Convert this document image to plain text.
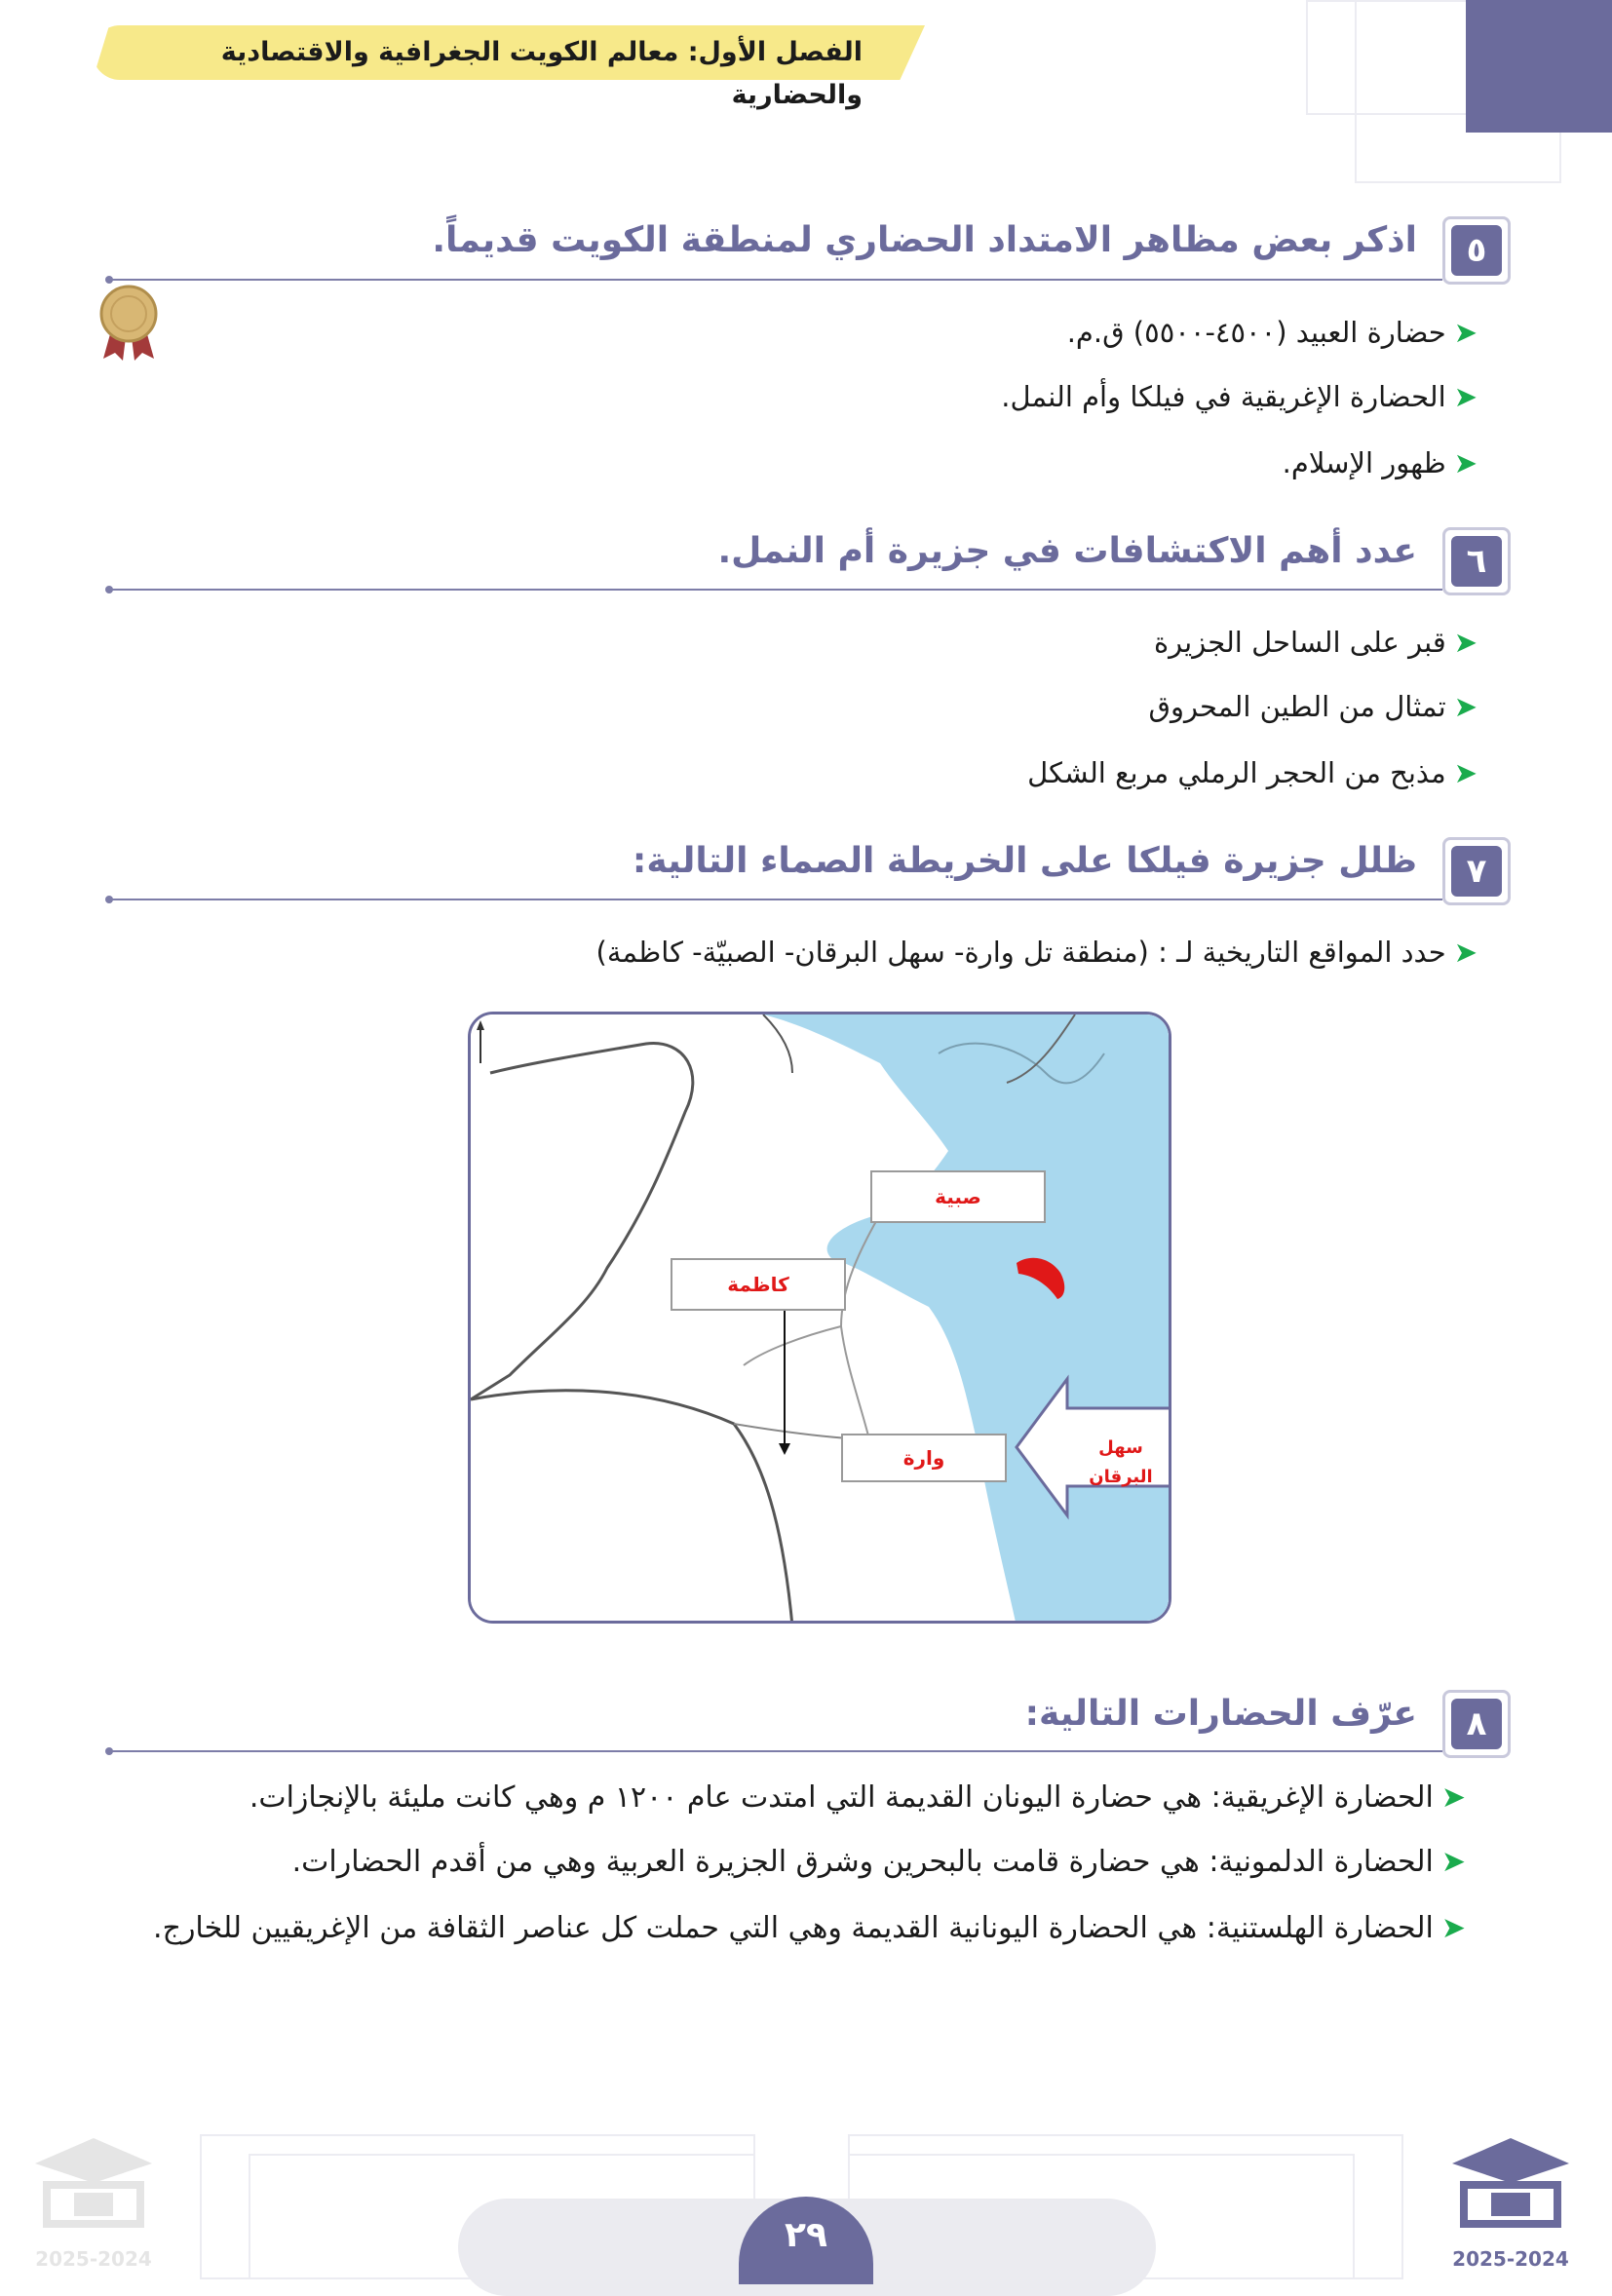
الفصل الأول: معالم الكويت الجغرافية والاقتصادية والحضارية
٥
اذكر بعض مظاهر الامتداد الحضاري لمنطقة الكويت قديماً.
➤حضارة العبيد (٤٥٠٠-٥٥٠٠) ق.م.
➤الحضارة الإغريقية في فيلكا وأم النمل.
➤ظهور الإسلام.
٦
عدد أهم الاكتشافات في جزيرة أم النمل.
➤قبر على الساحل الجزيرة
➤تمثال من الطين المحروق
➤مذبح من الحجر الرملي مربع الشكل
٧
ظلل جزيرة فيلكا على الخريطة الصماء التالية:
➤حدد المواقع التاريخية لـ : (منطقة تل وارة- سهل البرقان- الصبيّة- كاظمة)
صبية
كاظمة
وارة	سهل البرقان
٨
عرّف الحضارات التالية:
➤الحضارة الإغريقية: هي حضارة اليونان القديمة التي امتدت عام ١٢٠٠ م وهي كانت مليئة بالإنجازات.
➤الحضارة الدلمونية: هي حضارة قامت بالبحرين وشرق الجزيرة العربية وهي من أقدم الحضارات.
➤الحضارة الهلستنية: هي الحضارة اليونانية القديمة وهي التي حملت كل عناصر الثقافة من الإغريقيين للخارج.
٢٩
2025-2024
2025-2024
